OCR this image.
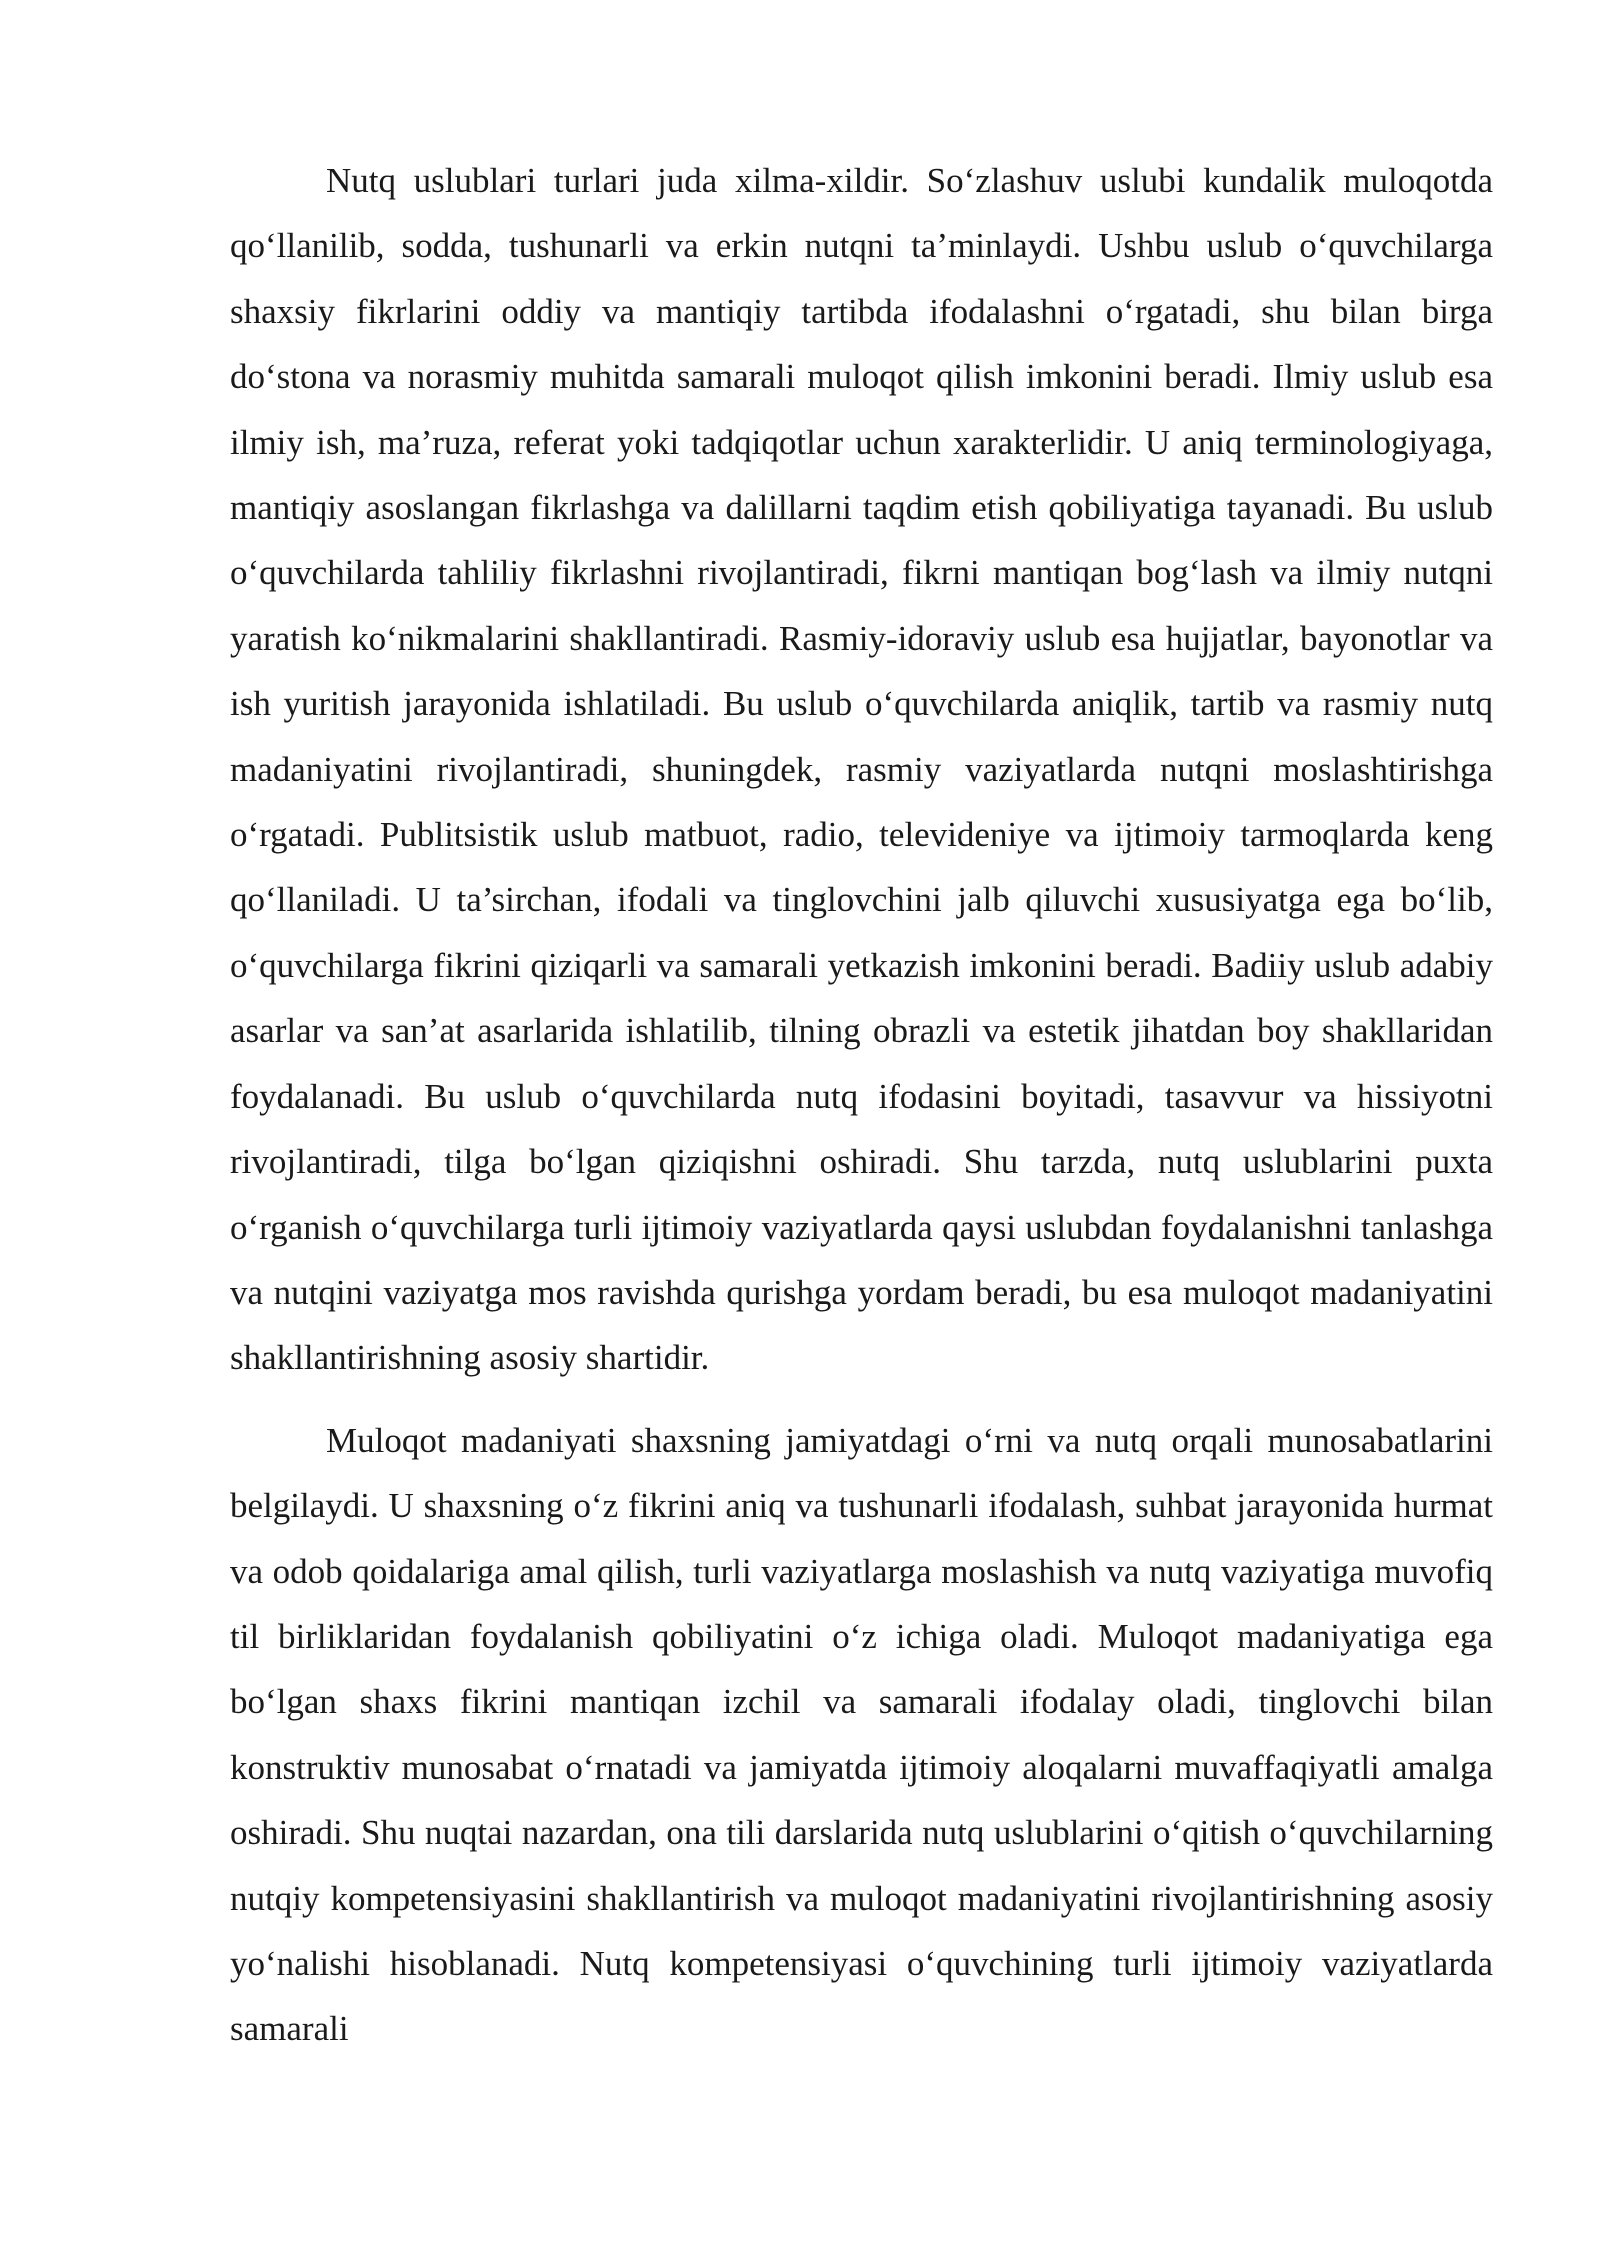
Nutq uslublari turlari juda xilma-xildir. So‘zlashuv uslubi kundalik muloqotda qo‘llanilib, sodda, tushunarli va erkin nutqni ta’minlaydi. Ushbu uslub o‘quvchilarga shaxsiy fikrlarini oddiy va mantiqiy tartibda ifodalashni o‘rgatadi, shu bilan birga do‘stona va norasmiy muhitda samarali muloqot qilish imkonini beradi. Ilmiy uslub esa ilmiy ish, ma’ruza, referat yoki tadqiqotlar uchun xarakterlidir. U aniq terminologiyaga, mantiqiy asoslangan fikrlashga va dalillarni taqdim etish qobiliyatiga tayanadi. Bu uslub o‘quvchilarda tahliliy fikrlashni rivojlantiradi, fikrni mantiqan bog‘lash va ilmiy nutqni yaratish ko‘nikmalarini shakllantiradi. Rasmiy-idoraviy uslub esa hujjatlar, bayonotlar va ish yuritish jarayonida ishlatiladi. Bu uslub o‘quvchilarda aniqlik, tartib va rasmiy nutq madaniyatini rivojlantiradi, shuningdek, rasmiy vaziyatlarda nutqni moslashtirishga o‘rgatadi. Publitsistik uslub matbuot, radio, televideniye va ijtimoiy tarmoqlarda keng qo‘llaniladi. U ta’sirchan, ifodali va tinglovchini jalb qiluvchi xususiyatga ega bo‘lib, o‘quvchilarga fikrini qiziqarli va samarali yetkazish imkonini beradi. Badiiy uslub adabiy asarlar va san’at asarlarida ishlatilib, tilning obrazli va estetik jihatdan boy shakllaridan foydalanadi. Bu uslub o‘quvchilarda nutq ifodasini boyitadi, tasavvur va hissiyotni rivojlantiradi, tilga bo‘lgan qiziqishni oshiradi. Shu tarzda, nutq uslublarini puxta o‘rganish o‘quvchilarga turli ijtimoiy vaziyatlarda qaysi uslubdan foydalanishni tanlashga va nutqini vaziyatga mos ravishda qurishga yordam beradi, bu esa muloqot madaniyatini shakllantirishning asosiy shartidir.

Muloqot madaniyati shaxsning jamiyatdagi o‘rni va nutq orqali munosabatlarini belgilaydi. U shaxsning o‘z fikrini aniq va tushunarli ifodalash, suhbat jarayonida hurmat va odob qoidalariga amal qilish, turli vaziyatlarga moslashish va nutq vaziyatiga muvofiq til birliklaridan foydalanish qobiliyatini o‘z ichiga oladi. Muloqot madaniyatiga ega bo‘lgan shaxs fikrini mantiqan izchil va samarali ifodalay oladi, tinglovchi bilan konstruktiv munosabat o‘rnatadi va jamiyatda ijtimoiy aloqalarni muvaffaqiyatli amalga oshiradi. Shu nuqtai nazardan, ona tili darslarida nutq uslublarini o‘qitish o‘quvchilarning nutqiy kompetensiyasini shakllantirish va muloqot madaniyatini rivojlantirishning asosiy yo‘nalishi hisoblanadi. Nutq kompetensiyasi o‘quvchining turli ijtimoiy vaziyatlarda samarali
